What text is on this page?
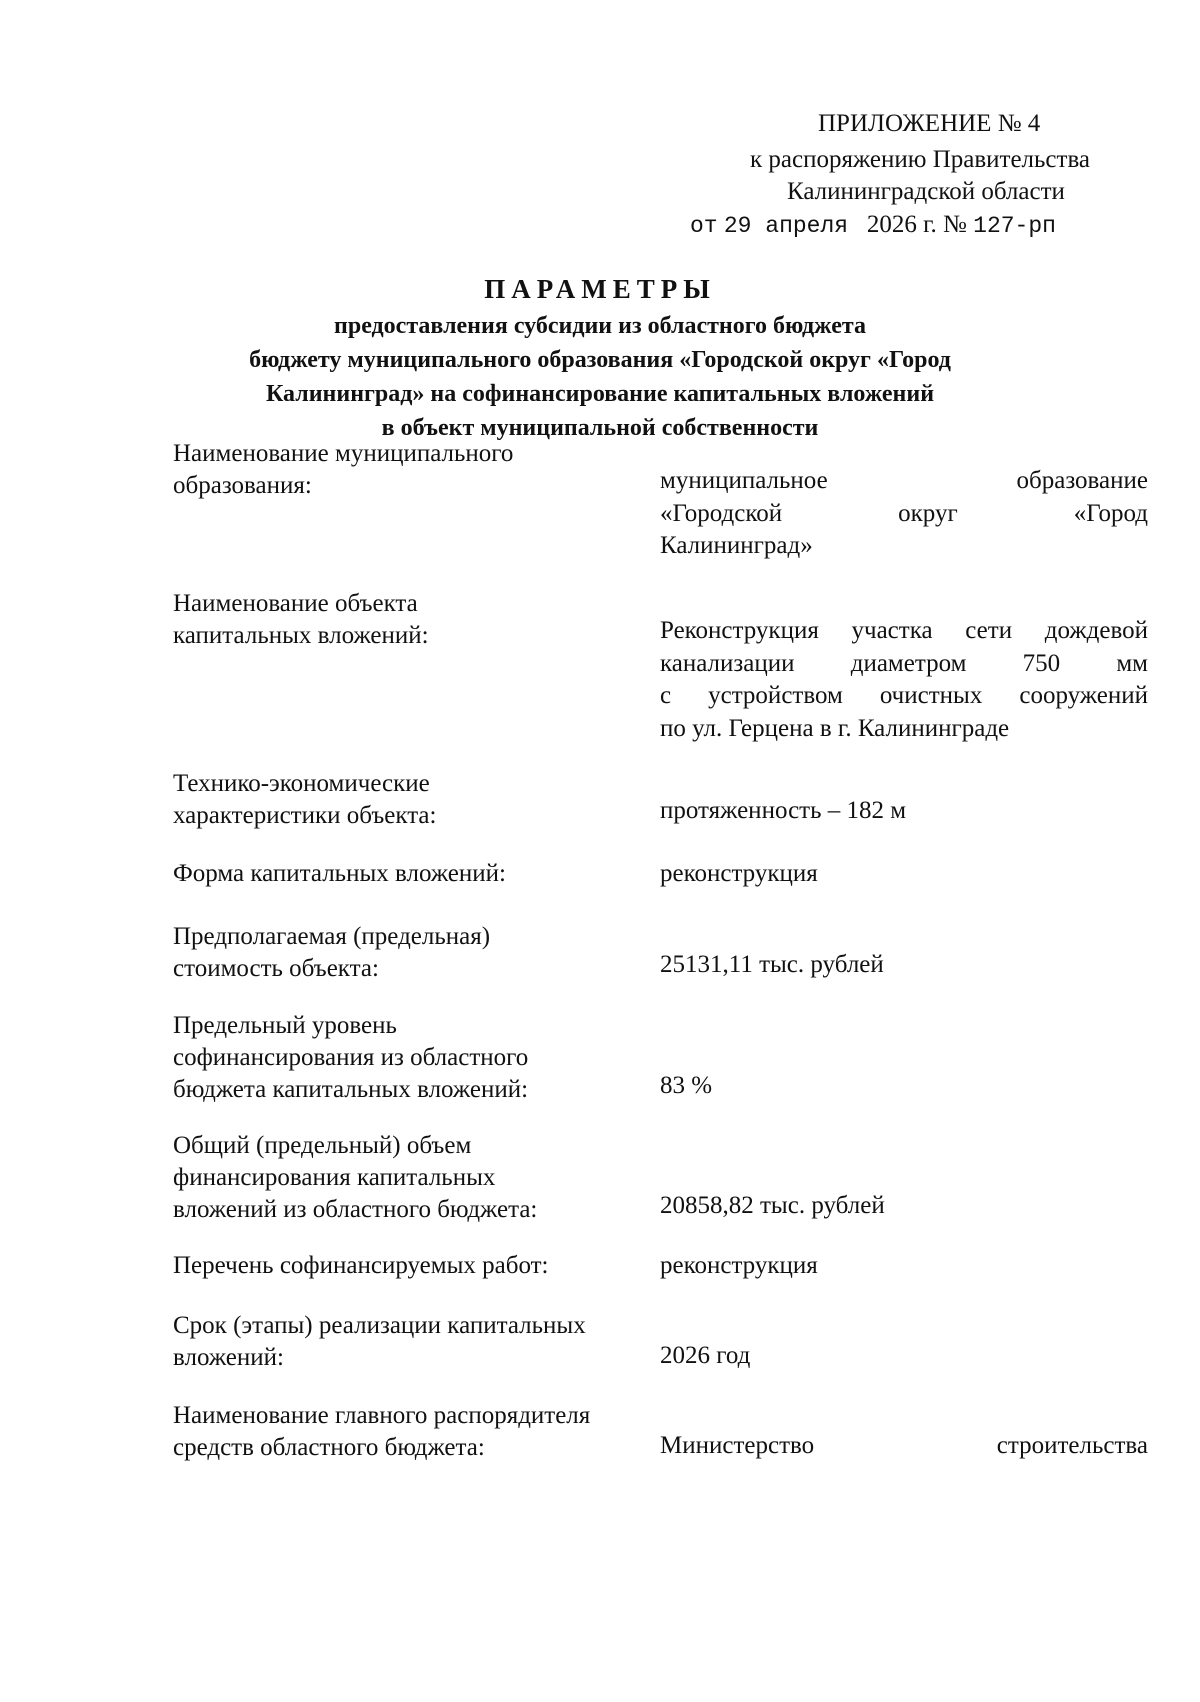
ПРИЛОЖЕНИЕ № 4
к распоряжению Правительства
Калининградской области
от 29 апреля 2026 г. № 127-рп
ПАРАМЕТРЫ
предоставления субсидии из областного бюджета
бюджету муниципального образования «Городской округ «Город
Калининград» на софинансирование капитальных вложений
в объект муниципальной собственности
Наименование муниципального
образования:	муниципальное	образование
«Городской	округ	«Город
Калининград»
Наименование объекта
капитальных вложений:	Реконструкция участка сети дождевой
канализации диаметром 750 мм
с устройством очистных сооружений
по ул. Герцена в г. Калининграде
Технико-экономические
характеристики объекта:	протяженность – 182 м
Форма капитальных вложений:	реконструкция
Предполагаемая (предельная)
стоимость объекта:	25131,11 тыс. рублей
Предельный уровень
софинансирования из областного
бюджета капитальных вложений:	83 %
Общий (предельный) объем
финансирования капитальных
вложений из областного бюджета:	20858,82 тыс. рублей
Перечень софинансируемых работ:	реконструкция
Срок (этапы) реализации капитальных
вложений:	2026 год
Наименование главного распорядителя
средств областного бюджета:	Министерство	строительства
